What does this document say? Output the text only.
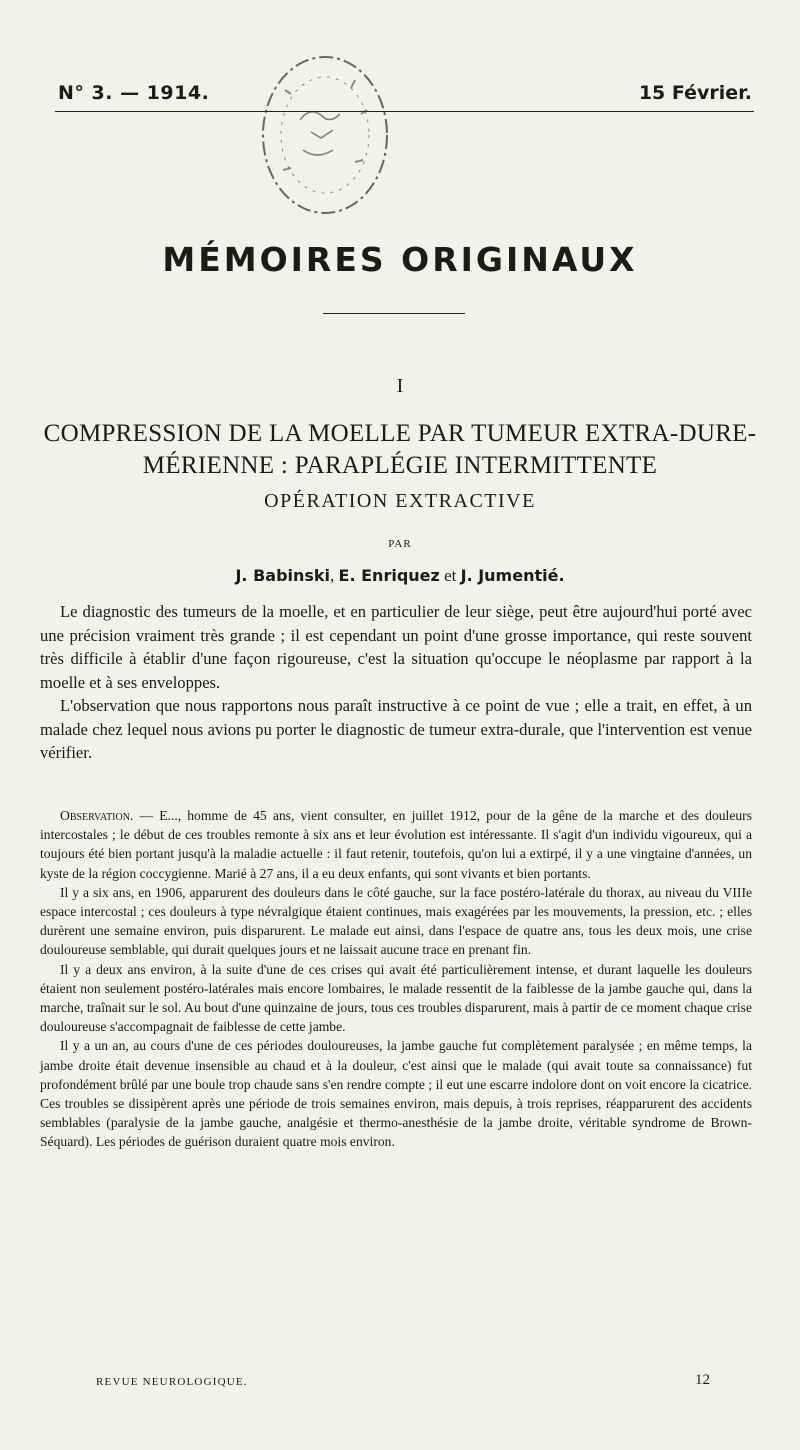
N° 3. — 1914.	15 Février.
MÉMOIRES ORIGINAUX
I
COMPRESSION DE LA MOELLE PAR TUMEUR EXTRA-DURE-
MÉRIENNE : PARAPLÉGIE INTERMITTENTE
OPÉRATION EXTRACTIVE
PAR
J. Babinski, E. Enriquez et J. Jumentié.

Le diagnostic des tumeurs de la moelle, et en particulier de leur siège, peut être aujourd'hui porté avec une précision vraiment très grande ; il est cependant un point d'une grosse importance, qui reste souvent très difficile à établir d'une façon rigoureuse, c'est la situation qu'occupe le néoplasme par rapport à la moelle et à ses enveloppes.

L'observation que nous rapportons nous paraît instructive à ce point de vue ; elle a trait, en effet, à un malade chez lequel nous avions pu porter le diagnostic de tumeur extra-durale, que l'intervention est venue vérifier.

Observation. — E..., homme de 45 ans, vient consulter, en juillet 1912, pour de la gêne de la marche et des douleurs intercostales ; le début de ces troubles remonte à six ans et leur évolution est intéressante. Il s'agit d'un individu vigoureux, qui a toujours été bien portant jusqu'à la maladie actuelle : il faut retenir, toutefois, qu'on lui a extirpé, il y a une vingtaine d'années, un kyste de la région coccygienne. Marié à 27 ans, il a eu deux enfants, qui sont vivants et bien portants.

Il y a six ans, en 1906, apparurent des douleurs dans le côté gauche, sur la face postéro-latérale du thorax, au niveau du VIIIe espace intercostal ; ces douleurs à type névralgique étaient continues, mais exagérées par les mouvements, la pression, etc. ; elles durèrent une semaine environ, puis disparurent. Le malade eut ainsi, dans l'espace de quatre ans, tous les deux mois, une crise douloureuse semblable, qui durait quelques jours et ne laissait aucune trace en prenant fin.

Il y a deux ans environ, à la suite d'une de ces crises qui avait été particulièrement intense, et durant laquelle les douleurs étaient non seulement postéro-latérales mais encore lombaires, le malade ressentit de la faiblesse de la jambe gauche qui, dans la marche, traînait sur le sol. Au bout d'une quinzaine de jours, tous ces troubles disparurent, mais à partir de ce moment chaque crise douloureuse s'accompagnait de faiblesse de cette jambe.

Il y a un an, au cours d'une de ces périodes douloureuses, la jambe gauche fut complètement paralysée ; en même temps, la jambe droite était devenue insensible au chaud et à la douleur, c'est ainsi que le malade (qui avait toute sa connaissance) fut profondément brûlé par une boule trop chaude sans s'en rendre compte ; il eut une escarre indolore dont on voit encore la cicatrice. Ces troubles se dissipèrent après une période de trois semaines environ, mais depuis, à trois reprises, réapparurent des accidents semblables (paralysie de la jambe gauche, analgésie et thermo-anesthésie de la jambe droite, véritable syndrome de Brown-Séquard). Les périodes de guérison duraient quatre mois environ.

REVUE NEUROLOGIQUE.	12
